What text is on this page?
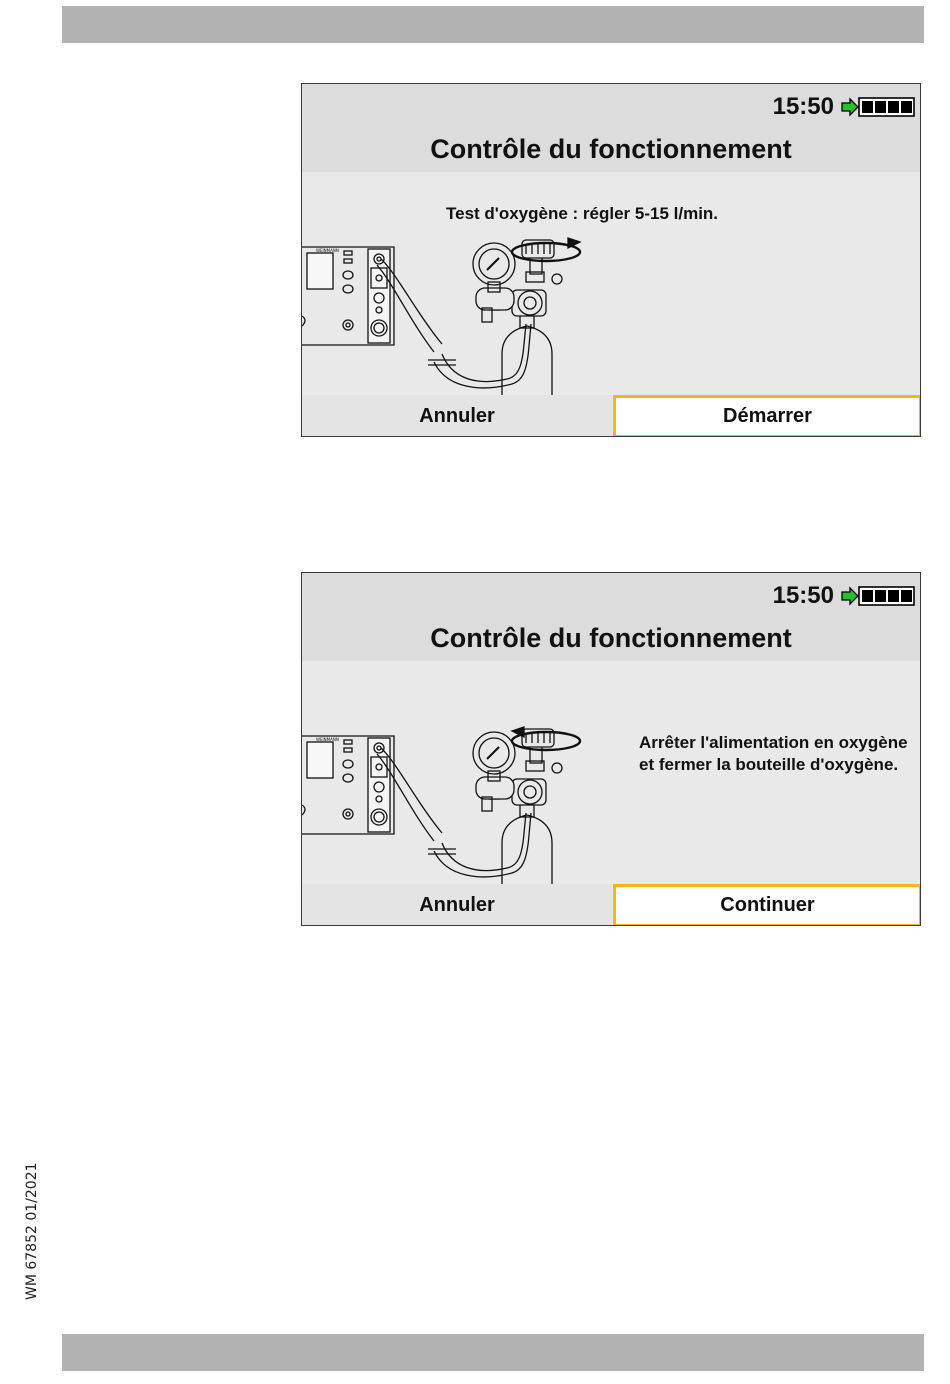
WM 67852 01/2021
15:50
Contrôle du fonctionnement
Test d'oxygène : régler 5-15 l/min.
WEINMANN
Annuler	Démarrer
15:50
Contrôle du fonctionnement
Arrêter l'alimentation en oxygène et fermer la bouteille d'oxygène.
WEINMANN
Annuler	Continuer
